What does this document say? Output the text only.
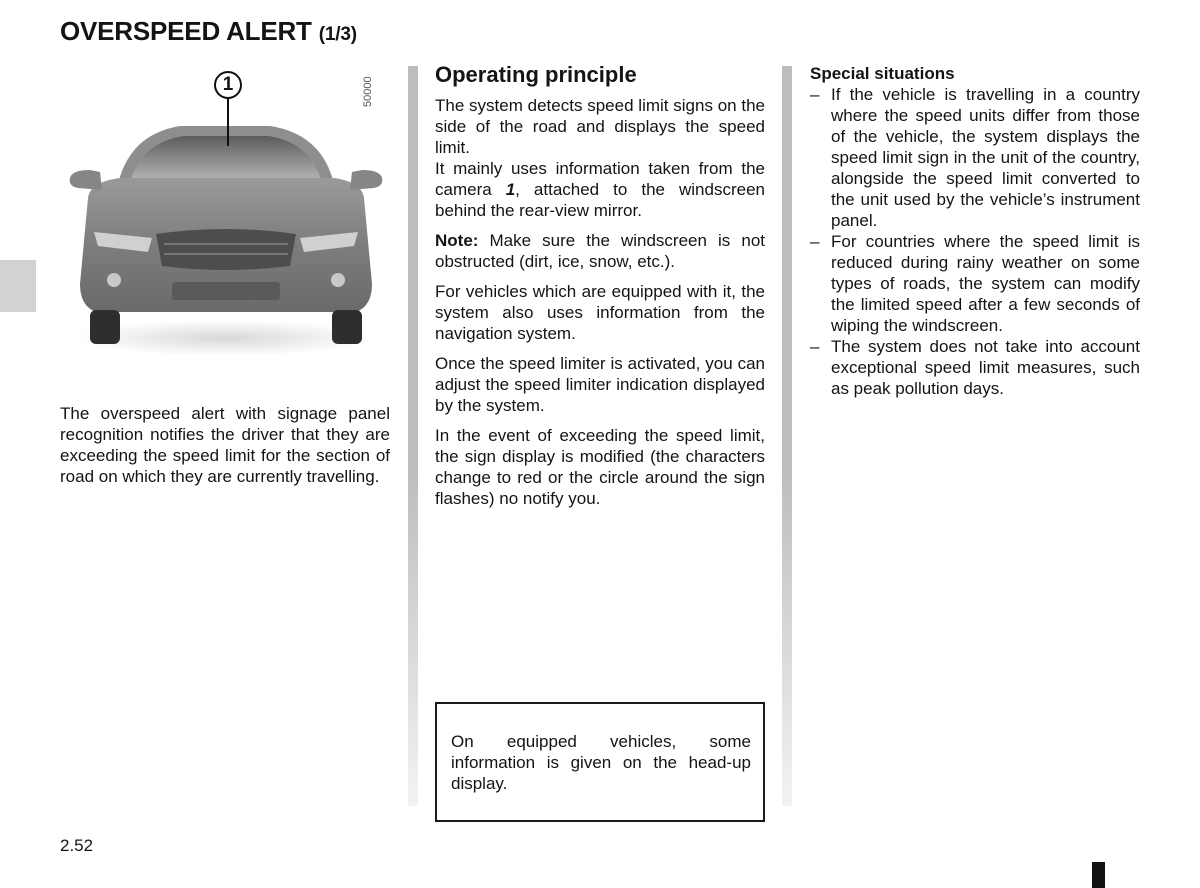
OVERSPEED ALERT (1/3)
1	50000

The overspeed alert with signage panel recognition notifies the driver that they are exceeding the speed limit for the section of road on which they are currently travelling.

Operating principle

The system detects speed limit signs on the side of the road and displays the speed limit.

It mainly uses information taken from the camera 1, attached to the windscreen behind the rear-view mirror.

Note: Make sure the windscreen is not obstructed (dirt, ice, snow, etc.).

For vehicles which are equipped with it, the system also uses information from the navigation system.

Once the speed limiter is activated, you can adjust the speed limiter indication displayed by the system.

In the event of exceeding the speed limit, the sign display is modified (the characters change to red or the circle around the sign flashes) no notify you.

On equipped vehicles, some information is given on the head-up display.
Special situations
– If the vehicle is travelling in a country where the speed units differ from those of the vehicle, the system displays the speed limit sign in the unit of the country, alongside the speed limit converted to the unit used by the vehicle’s instrument panel.
– For countries where the speed limit is reduced during rainy weather on some types of roads, the system can modify the limited speed after a few seconds of wiping the windscreen.
– The system does not take into account exceptional speed limit measures, such as peak pollution days.
2.52
